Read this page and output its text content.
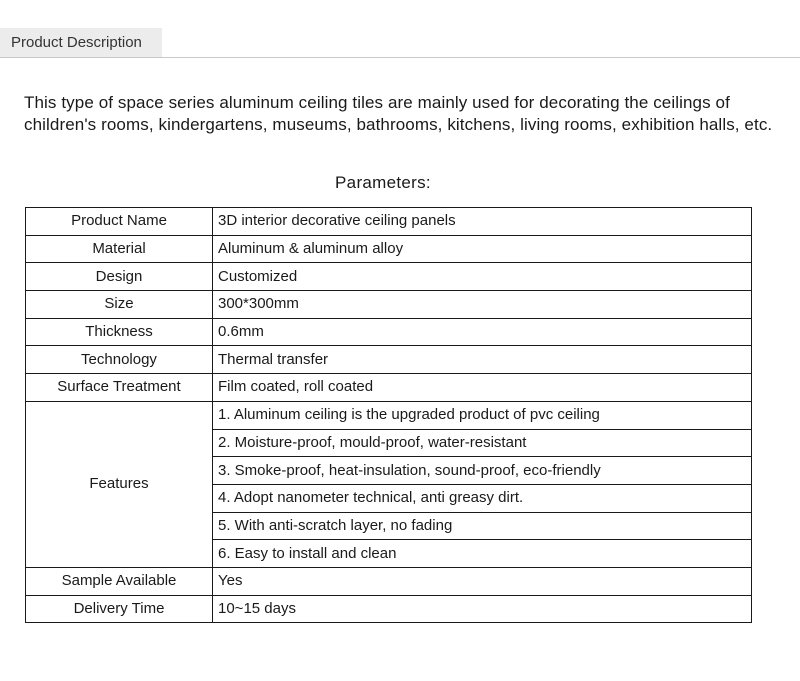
Product Description

This type of space series aluminum ceiling tiles are mainly used for decorating the ceilings of children's rooms, kindergartens, museums, bathrooms, kitchens, living rooms, exhibition halls, etc.

Parameters:
Product Name	3D interior decorative ceiling panels
Material	Aluminum & aluminum alloy
Design	Customized
Size	300*300mm
Thickness	0.6mm
Technology	Thermal transfer
Surface Treatment	Film coated, roll coated
Features	1. Aluminum ceiling is the upgraded product of pvc ceiling
	2. Moisture-proof, mould-proof, water-resistant
	3. Smoke-proof, heat-insulation, sound-proof, eco-friendly
	4. Adopt nanometer technical, anti greasy dirt.
	5. With anti-scratch layer, no fading
	6. Easy to install and clean
Sample Available	Yes
Delivery Time	10~15 days
